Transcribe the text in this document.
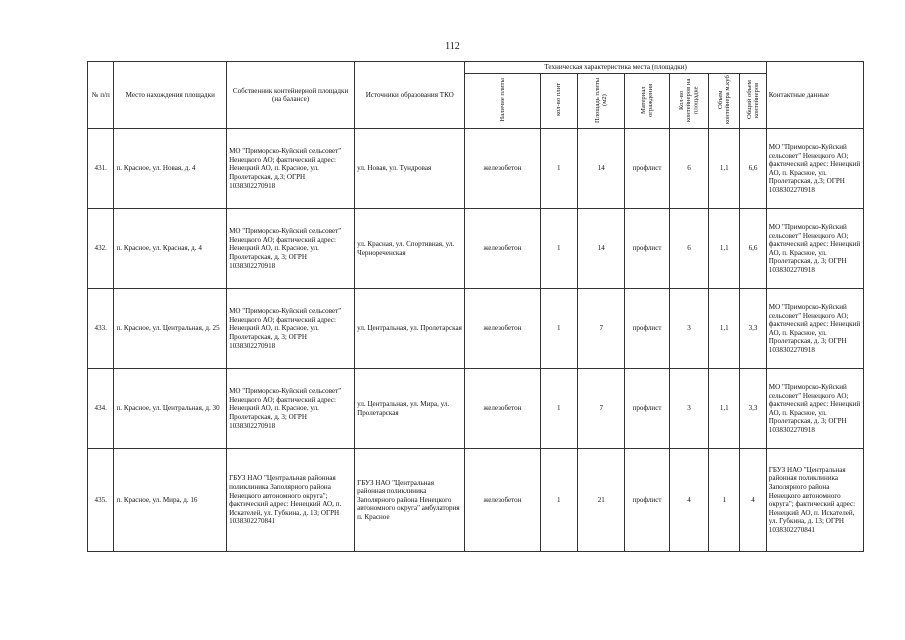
112
№ п/п	Место нахождения площадки	Собственник контейнерной площадки (на балансе)	Источники образования ТКО	Техническая характеристика места (площадки)							Контактные данные
				Наличие плиты	кол-во плит	Площадь плиты (м2)	Материал ограждения	Кол-во контейнеров на площадке	Объем контейнера м.куб	Общий объем контейнеров	
431.	п. Красное, ул. Новая, д. 4	МО "Приморско-Куйский сельсовет" Ненецкого АО; фактический адрес: Ненецкий АО, п. Красное, ул. Пролетарская, д.3; ОГРН 1038302270918	ул. Новая, ул. Тундровая	железобетон	1	14	профлист	6	1,1	6,6	МО "Приморско-Куйский сельсовет" Ненецкого АО; фактический адрес: Ненецкий АО, п. Красное, ул. Пролетарская, д.3; ОГРН 1038302270918
432.	п. Красное, ул. Красная, д. 4	МО "Приморско-Куйский сельсовет" Ненецкого АО; фактический адрес: Ненецкий АО, п. Красное, ул. Пролетарская, д. 3; ОГРН 1038302270918	ул. Красная, ул. Спортивная, ул. Чернореченская	железобетон	1	14	профлист	6	1,1	6,6	МО "Приморско-Куйский сельсовет" Ненецкого АО; фактический адрес: Ненецкий АО, п. Красное, ул. Пролетарская, д. 3; ОГРН 1038302270918
433.	п. Красное, ул. Центральная, д. 25	МО "Приморско-Куйский сельсовет" Ненецкого АО; фактический адрес: Ненецкий АО, п. Красное, ул. Пролетарская, д. 3; ОГРН 1038302270918	ул. Центральная, ул. Пролетарская	железобетон	1	7	профлист	3	1,1	3,3	МО "Приморско-Куйский сельсовет" Ненецкого АО; фактический адрес: Ненецкий АО, п. Красное, ул. Пролетарская, д. 3; ОГРН 1038302270918
434.	п. Красное, ул. Центральная, д. 30	МО "Приморско-Куйский сельсовет" Ненецкого АО; фактический адрес: Ненецкий АО, п. Красное, ул. Пролетарская, д. 3; ОГРН 1038302270918	ул. Центральная, ул. Мира, ул. Пролетарская	железобетон	1	7	профлист	3	1,1	3,3	МО "Приморско-Куйский сельсовет" Ненецкого АО; фактический адрес: Ненецкий АО, п. Красное, ул. Пролетарская, д. 3; ОГРН 1038302270918
435.	п. Красное, ул. Мира, д. 16	ГБУЗ НАО "Центральная районная поликлиника Заполярного района Ненецкого автономного округа"; фактический адрес: Ненецкий АО, п. Искателей, ул. Губкина, д. 13; ОГРН 1038302270841	ГБУЗ НАО "Центральная районная поликлиника Заполярного района Ненецкого автономного округа" амбулатория п. Красное	железобетон	1	21	профлист	4	1	4	ГБУЗ НАО "Центральная районная поликлиника Заполярного района Ненецкого автономного округа"; фактический адрес: Ненецкий АО, п. Искателей, ул. Губкина, д. 13; ОГРН 1038302270841
